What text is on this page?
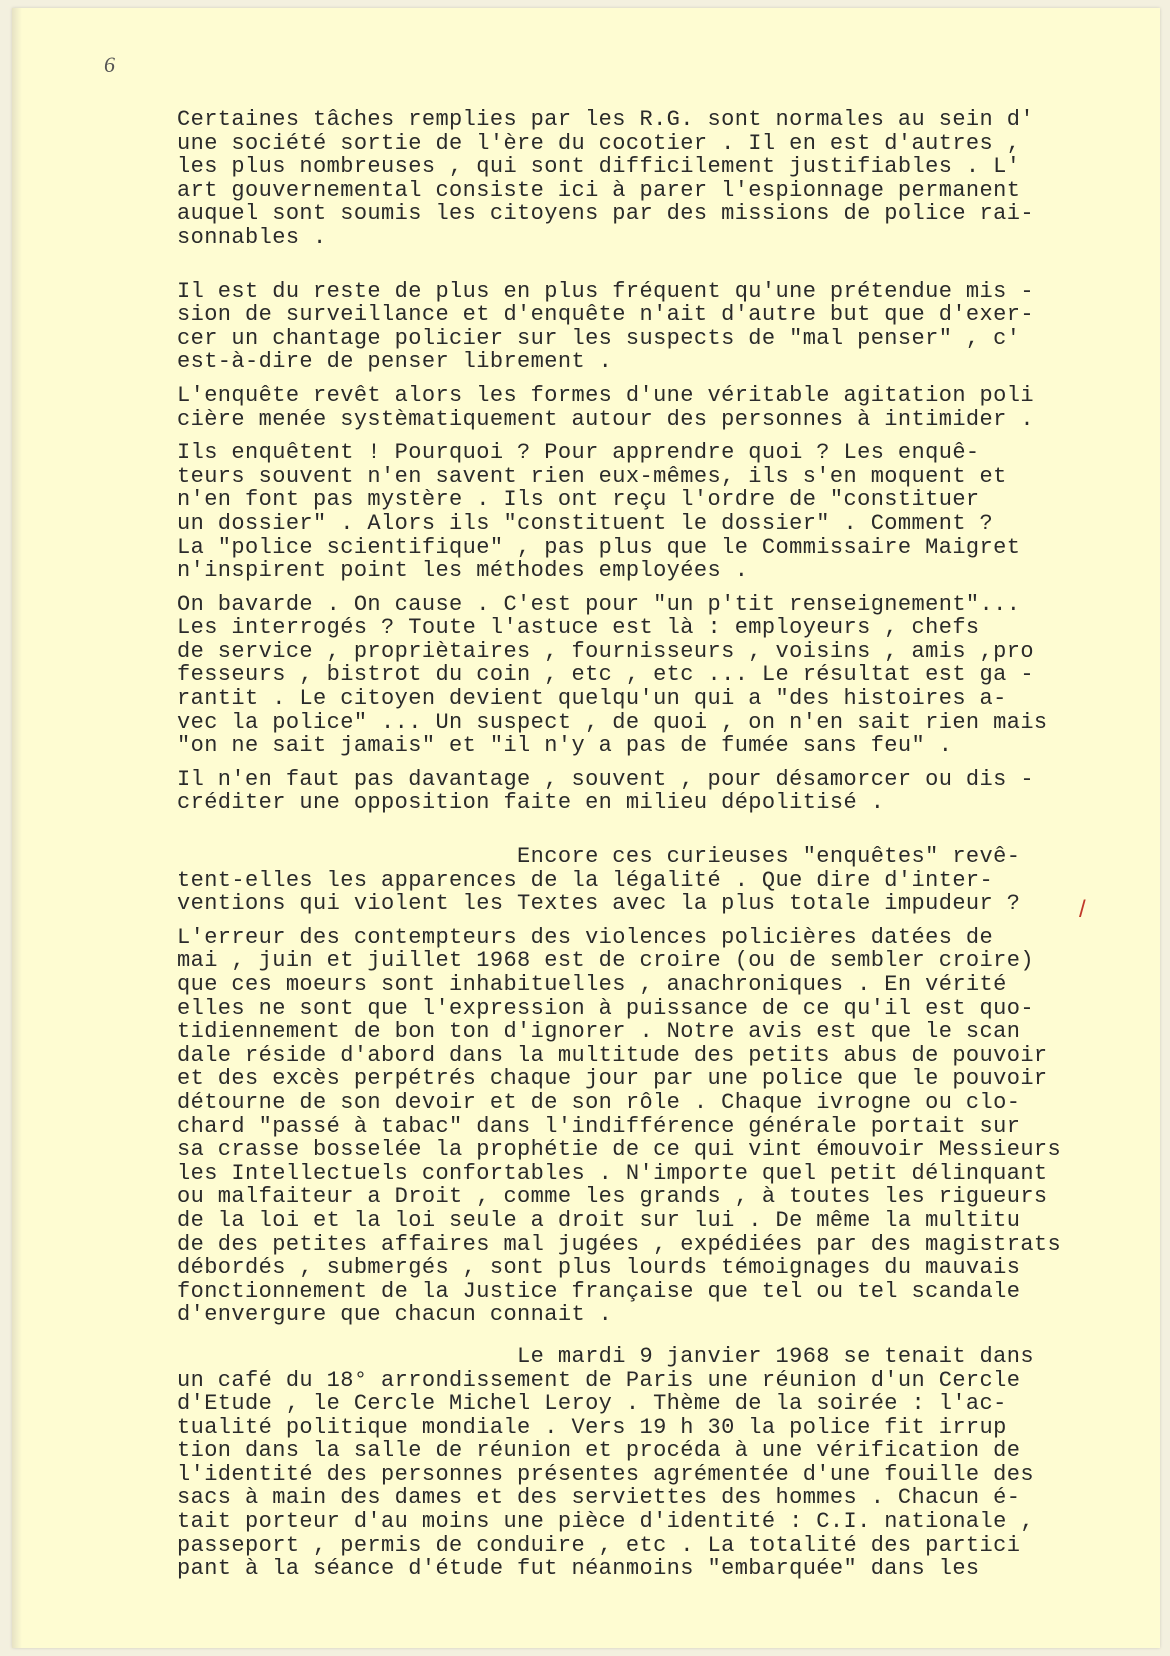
6
/
Certaines tâches remplies par les R.G. sont normales au sein d'
une société sortie de l'ère du cocotier . Il en est d'autres ,
les plus nombreuses , qui sont difficilement justifiables . L'
art gouvernemental consiste ici à parer l'espionnage permanent
auquel sont soumis les citoyens par des missions de police rai-
sonnables .
Il est du reste de plus en plus fréquent qu'une prétendue mis -
sion de surveillance et d'enquête n'ait d'autre but que d'exer-
cer un chantage policier sur les suspects de "mal penser" , c'
est-à-dire de penser librement .
L'enquête revêt alors les formes d'une véritable agitation poli
cière menée systèmatiquement autour des personnes à intimider .
Ils enquêtent ! Pourquoi ? Pour apprendre quoi ? Les enquê-
teurs souvent n'en savent rien eux-mêmes, ils s'en moquent et
n'en font pas mystère . Ils ont reçu l'ordre de "constituer
un dossier" . Alors ils "constituent le dossier" . Comment ?
La "police scientifique" , pas plus que le Commissaire Maigret
n'inspirent point les méthodes employées .
On bavarde . On cause . C'est pour "un p'tit renseignement"...
Les interrogés ? Toute l'astuce est là : employeurs , chefs
de service , propriètaires , fournisseurs , voisins , amis ,pro
fesseurs , bistrot du coin , etc , etc ... Le résultat est ga -
rantit . Le citoyen devient quelqu'un qui a "des histoires a-
vec la police" ... Un suspect , de quoi , on n'en sait rien mais
"on ne sait jamais" et "il n'y a pas de fumée sans feu" .
Il n'en faut pas davantage , souvent , pour désamorcer ou dis -
créditer une opposition faite en milieu dépolitisé .
Encore ces curieuses "enquêtes" revê-
tent-elles les apparences de la légalité . Que dire d'inter-
ventions qui violent les Textes avec la plus totale impudeur ?
L'erreur des contempteurs des violences policières datées de
mai , juin et juillet 1968 est de croire (ou de sembler croire)
que ces moeurs sont inhabituelles , anachroniques . En vérité
elles ne sont que l'expression à puissance de ce qu'il est quo-
tidiennement de bon ton d'ignorer . Notre avis est que le scan
dale réside d'abord dans la multitude des petits abus de pouvoir
et des excès perpétrés chaque jour par une police que le pouvoir
détourne de son devoir et de son rôle . Chaque ivrogne ou clo-
chard "passé à tabac" dans l'indifférence générale portait sur
sa crasse bosselée la prophétie de ce qui vint émouvoir Messieurs
les Intellectuels confortables . N'importe quel petit délinquant
ou malfaiteur a Droit , comme les grands , à toutes les rigueurs
de la loi et la loi seule a droit sur lui . De même la multitu
de des petites affaires mal jugées , expédiées par des magistrats
débordés , submergés , sont plus lourds témoignages du mauvais
fonctionnement de la Justice française que tel ou tel scandale
d'envergure que chacun connait .
Le mardi 9 janvier 1968 se tenait dans
un café du 18° arrondissement de Paris une réunion d'un Cercle
d'Etude , le Cercle Michel Leroy . Thème de la soirée : l'ac-
tualité politique mondiale . Vers 19 h 30 la police fit irrup
tion dans la salle de réunion et procéda à une vérification de
l'identité des personnes présentes agrémentée d'une fouille des
sacs à main des dames et des serviettes des hommes . Chacun é-
tait porteur d'au moins une pièce d'identité : C.I. nationale ,
passeport , permis de conduire , etc . La totalité des partici
pant à la séance d'étude fut néanmoins "embarquée" dans les
